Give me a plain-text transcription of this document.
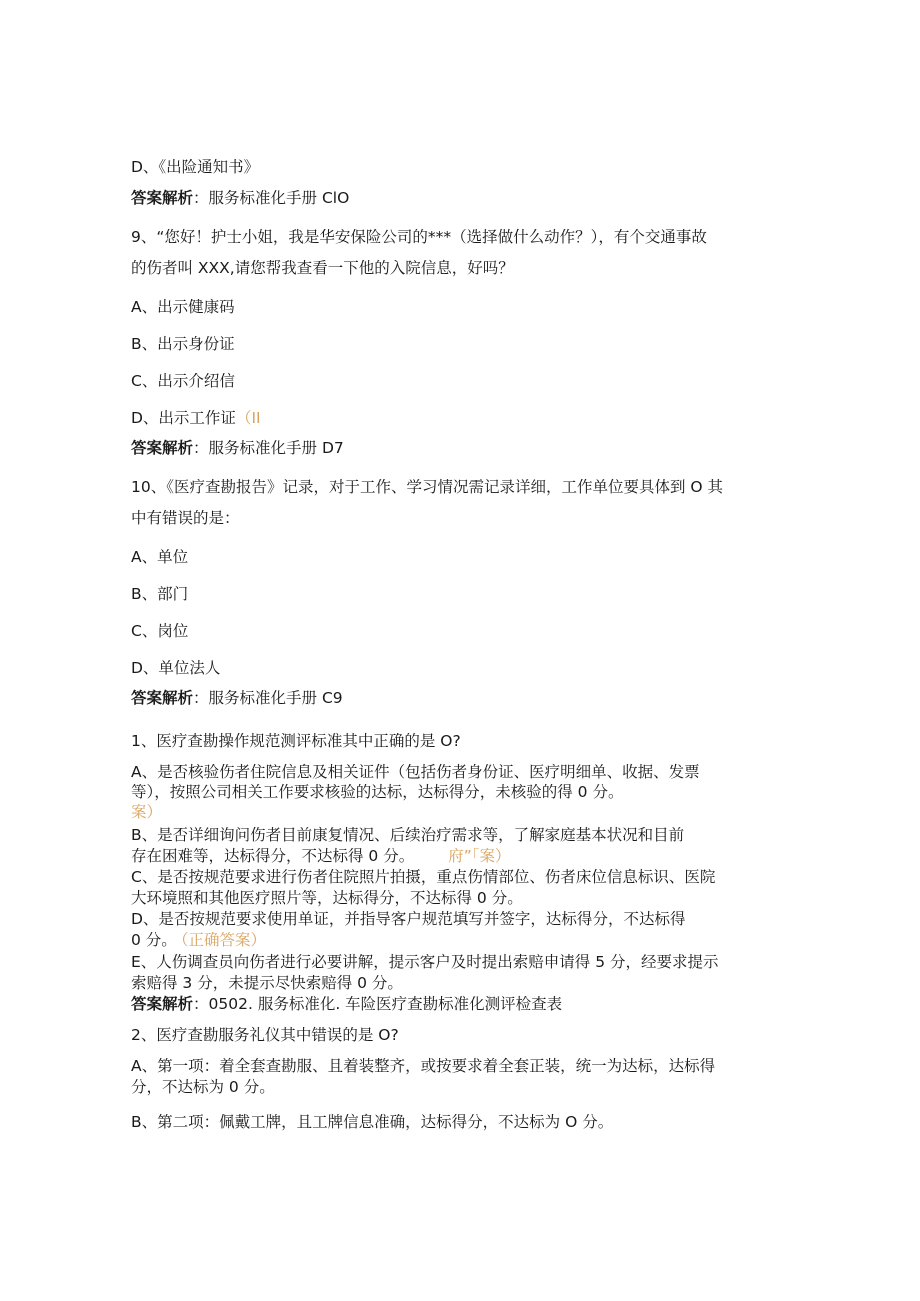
D、《出险通知书》
答案解析：服务标准化手册 ClO
9、“您好！护士小姐，我是华安保险公司的***（选择做什么动作？），有个交通事故
的伤者叫 XXX,请您帮我查看一下他的入院信息，好吗？
A、出示健康码
B、出示身份证
C、出示介绍信
D、出示工作证（II
答案解析：服务标准化手册 D7
10、《医疗查勘报告》记录，对于工作、学习情况需记录详细，工作单位要具体到 O 其
中有错误的是：
A、单位
B、部门
C、岗位
D、单位法人
答案解析：服务标准化手册 C9
1、医疗查勘操作规范测评标准其中正确的是 O?
A、是否核验伤者住院信息及相关证件（包括伤者身份证、医疗明细单、收据、发票
等），按照公司相关工作要求核验的达标，达标得分，未核验的得 0 分。
案）
B、是否详细询问伤者目前康复情况、后续治疗需求等，了解家庭基本状况和目前
存在困难等，达标得分，不达标得 0 分。 府”「案）
C、是否按规范要求进行伤者住院照片拍摄，重点伤情部位、伤者床位信息标识、医院
大环境照和其他医疗照片等，达标得分，不达标得 0 分。
D、是否按规范要求使用单证，并指导客户规范填写并签字，达标得分，不达标得
0 分。 （正确答案）
E、人伤调查员向伤者进行必要讲解，提示客户及时提出索赔申请得 5 分，经要求提示
索赔得 3 分，未提示尽快索赔得 0 分。
答案解析：0502. 服务标准化. 车险医疗查勘标准化测评检查表
2、医疗查勘服务礼仪其中错误的是 O?
A、第一项：着全套查勘服、且着装整齐，或按要求着全套正装，统一为达标，达标得
分，不达标为 0 分。
B、第二项：佩戴工牌，且工牌信息准确，达标得分，不达标为 O 分。
